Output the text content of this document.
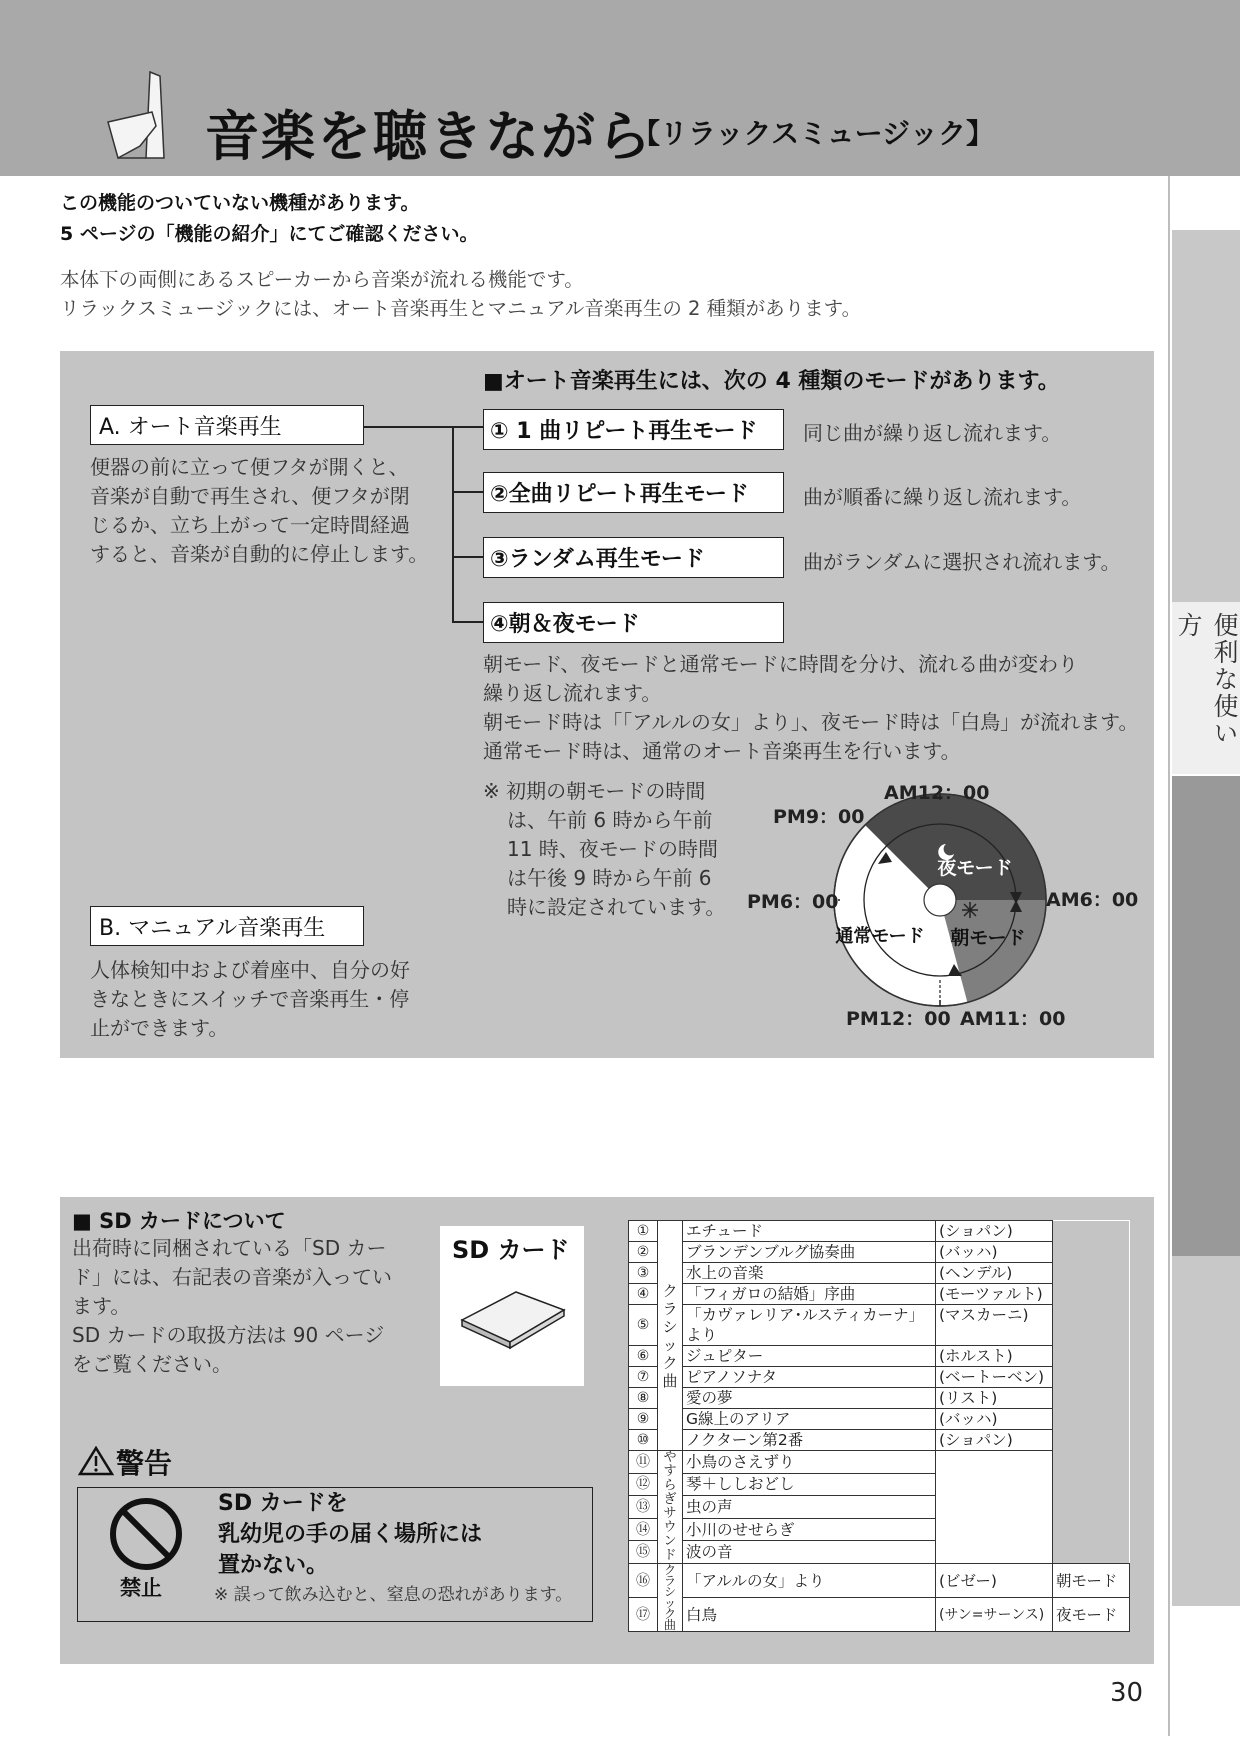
音楽を聴きながら
【リラックスミュージック】
便利な使い方
この機能のついていない機種があります。
5 ページの「機能の紹介」にてご確認ください。
本体下の両側にあるスピーカーから音楽が流れる機能です。
リラックスミュージックには、オート音楽再生とマニュアル音楽再生の 2 種類があります。
■オート音楽再生には、次の 4 種類のモードがあります。
A. オート音楽再生
便器の前に立って便フタが開くと、
音楽が自動で再生され、便フタが閉
じるか、立ち上がって一定時間経過
すると、音楽が自動的に停止します。
① 1 曲リピート再生モード	同じ曲が繰り返し流れます。
②全曲リピート再生モード	曲が順番に繰り返し流れます。
③ランダム再生モード	曲がランダムに選択され流れます。
④朝＆夜モード
朝モード、夜モードと通常モードに時間を分け、流れる曲が変わり
繰り返し流れます。
朝モード時は「「アルルの女」より」、夜モード時は「白鳥」が流れます。
通常モード時は、通常のオート音楽再生を行います。
※ 初期の朝モードの時間
は、午前 6 時から午前
11 時、夜モードの時間
は午後 9 時から午前 6
時に設定されています。
夜モード
朝モード
通常モード
AM12：00
PM9：00
PM6：00	AM6：00
PM12：00 AM11：00
B. マニュアル音楽再生
人体検知中および着座中、自分の好
きなときにスイッチで音楽再生・停
止ができます。
■ SD カードについて
出荷時に同梱されている「SD カー
ド」には、右記表の音楽が入ってい
ます。
SD カードの取扱方法は 90 ページ
をご覧ください。
SD カード
警告
禁止
SD カードを
乳幼児の手の届く場所には
置かない。
※ 誤って飲み込むと、窒息の恐れがあります。
①	クラシック曲	エチュード	(ショパン)	
②		ブランデンブルグ協奏曲	(バッハ)	
③		水上の音楽	(ヘンデル)	
④		「フィガロの結婚」序曲	(モーツァルト)	
⑤		「カヴァレリア･ルスティカーナ」より	(マスカーニ)	
⑥		ジュピター	(ホルスト)	
⑦		ピアノソナタ	(ベートーベン)	
⑧		愛の夢	(リスト)	
⑨		G線上のアリア	(バッハ)	
⑩		ノクターン第2番	(ショパン)	
⑪	やすらぎサウンド	小鳥のさえずり		
⑫		琴＋ししおどし		
⑬		虫の声		
⑭		小川のせせらぎ		
⑮		波の音		
⑯	クラシック曲	「アルルの女」より	(ビゼー)	朝モード
⑰		白鳥	(サン=サーンス)	夜モード
30
